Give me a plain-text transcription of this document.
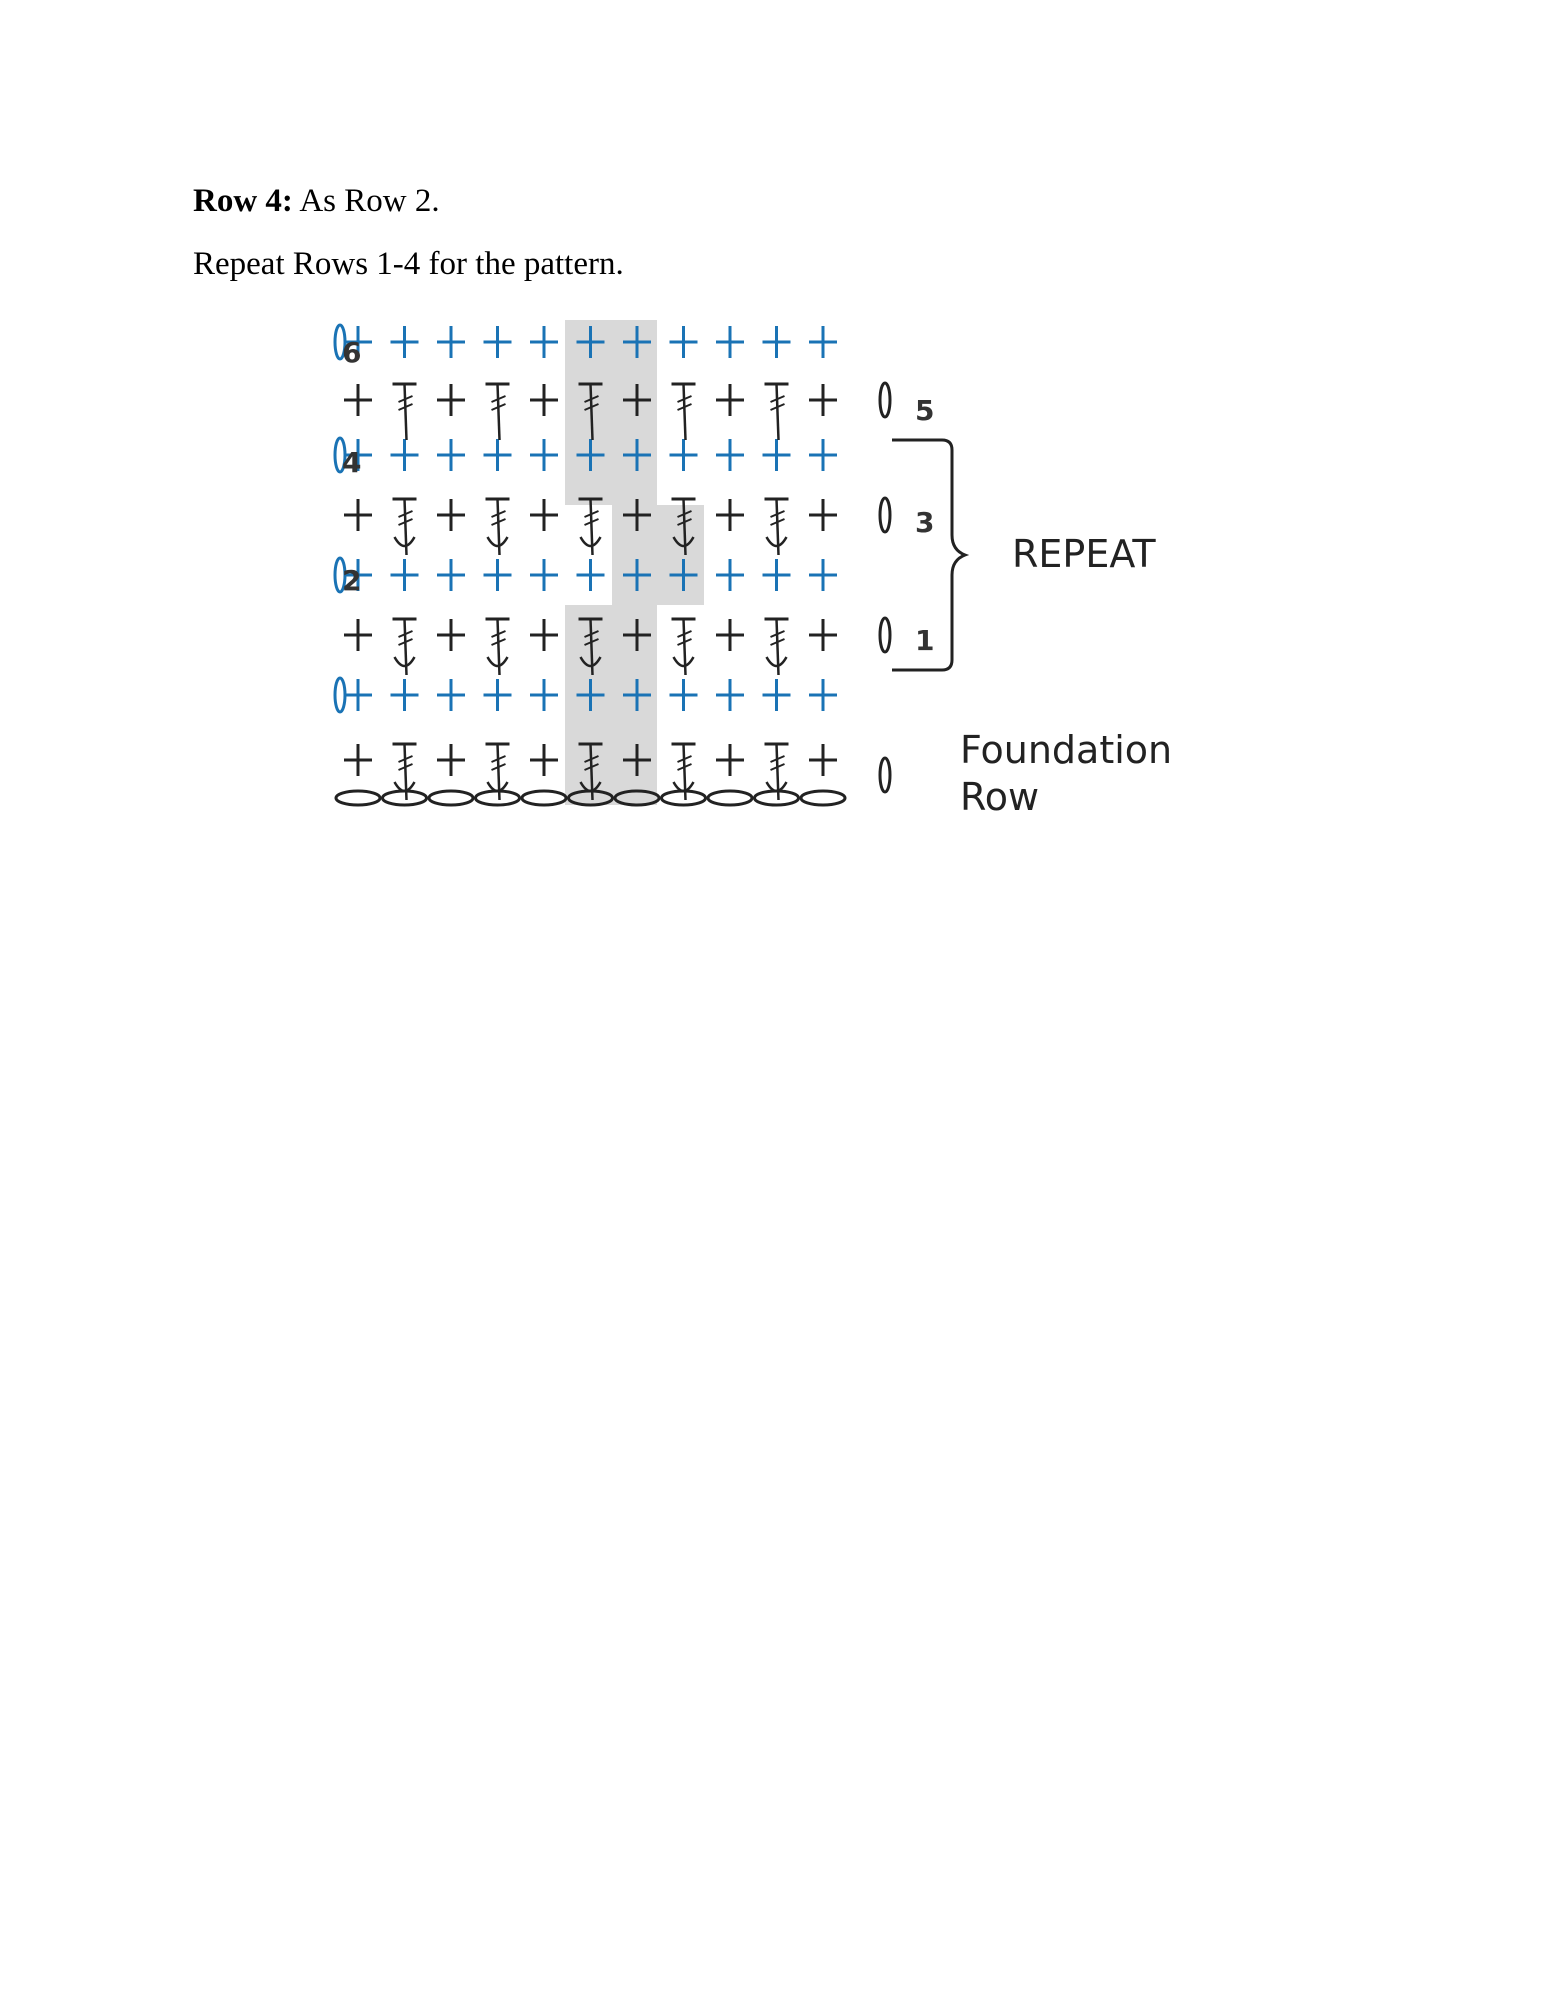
Row 4: As Row 2.
Repeat Rows 1-4 for the pattern.
6
4
2
5
3
1
REPEAT
Foundation
Row
